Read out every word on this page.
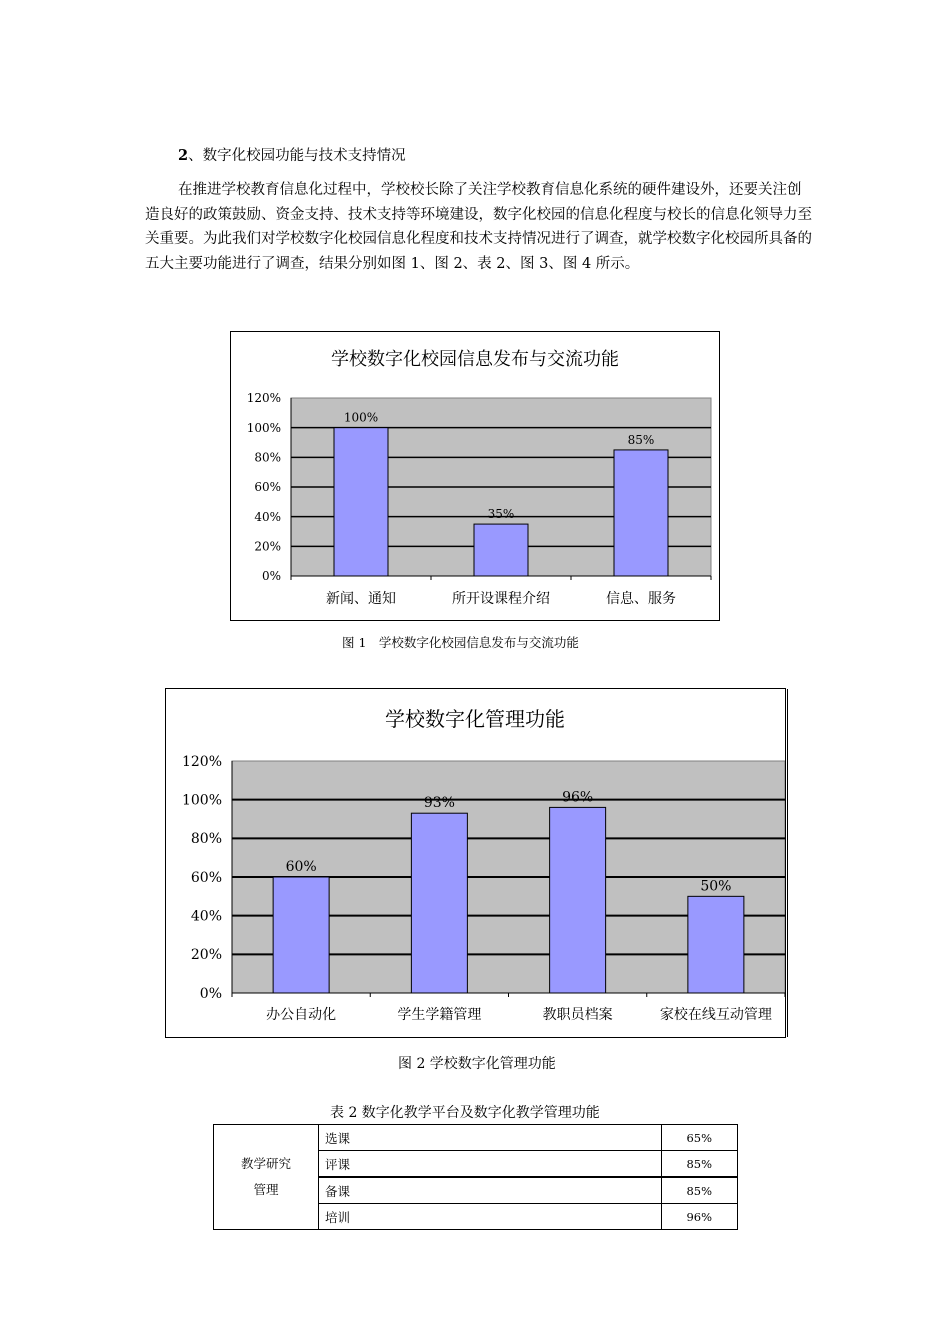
2、数字化校园功能与技术支持情况

在推进学校教育信息化过程中，学校校长除了关注学校教育信息化系统的硬件建设外，还要关注创造良好的政策鼓励、资金支持、技术支持等环境建设，数字化校园的信息化程度与校长的信息化领导力至关重要。为此我们对学校数字化校园信息化程度和技术支持情况进行了调查，就学校数字化校园所具备的五大主要功能进行了调查，结果分别如图 1、图 2、表 2、图 3、图 4 所示。

学校数字化校园信息发布与交流功能
0%
20%
40%
60%
80%
100%
120%
100%
新闻、通知
35%
所开设课程介绍
85%
信息、服务
图 1　学校数字化校园信息发布与交流功能
学校数字化管理功能
0%
20%
40%
60%
80%
100%
120%
60%
办公自动化
93%
学生学籍管理
96%
教职员档案
50%
家校在线互动管理
图 2 学校数字化管理功能
表 2 数字化教学平台及数字化教学管理功能
教学研究
管理	选课	65%
	评课	85%
	备课	85%
	培训	96%
